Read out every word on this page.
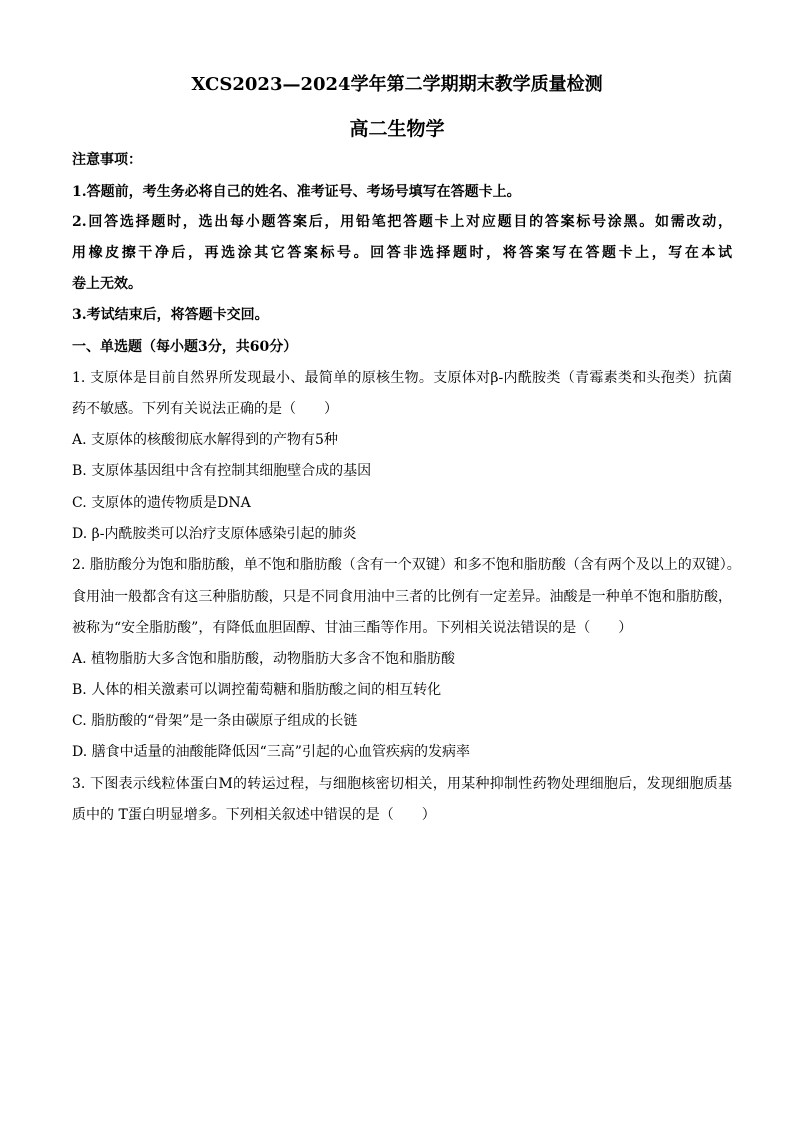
XCS2023—2024学年第二学期期末教学质量检测
高二生物学
注意事项：
1.答题前，考生务必将自己的姓名、准考证号、考场号填写在答题卡上。
2.回答选择题时，选出每小题答案后，用铅笔把答题卡上对应题目的答案标号涂黑。如需改动，
用橡皮擦干净后，再选涂其它答案标号。回答非选择题时，将答案写在答题卡上，写在本试
卷上无效。
3.考试结束后，将答题卡交回。
一、单选题（每小题3分，共60分）
1. 支原体是目前自然界所发现最小、最简单的原核生物。支原体对β-内酰胺类（青霉素类和头孢类）抗菌
药不敏感。下列有关说法正确的是（　　）
A. 支原体的核酸彻底水解得到的产物有5种
B. 支原体基因组中含有控制其细胞壁合成的基因
C. 支原体的遗传物质是DNA
D. β-内酰胺类可以治疗支原体感染引起的肺炎
2. 脂肪酸分为饱和脂肪酸，单不饱和脂肪酸（含有一个双键）和多不饱和脂肪酸（含有两个及以上的双键）。
食用油一般都含有这三种脂肪酸，只是不同食用油中三者的比例有一定差异。油酸是一种单不饱和脂肪酸，
被称为“安全脂肪酸”，有降低血胆固醇、甘油三酯等作用。下列相关说法错误的是（　　）
A. 植物脂肪大多含饱和脂肪酸，动物脂肪大多含不饱和脂肪酸
B. 人体的相关激素可以调控葡萄糖和脂肪酸之间的相互转化
C. 脂肪酸的“骨架”是一条由碳原子组成的长链
D. 膳食中适量的油酸能降低因“三高”引起的心血管疾病的发病率
3. 下图表示线粒体蛋白M的转运过程，与细胞核密切相关，用某种抑制性药物处理细胞后，发现细胞质基
质中的 T蛋白明显增多。下列相关叙述中错误的是（　　）
